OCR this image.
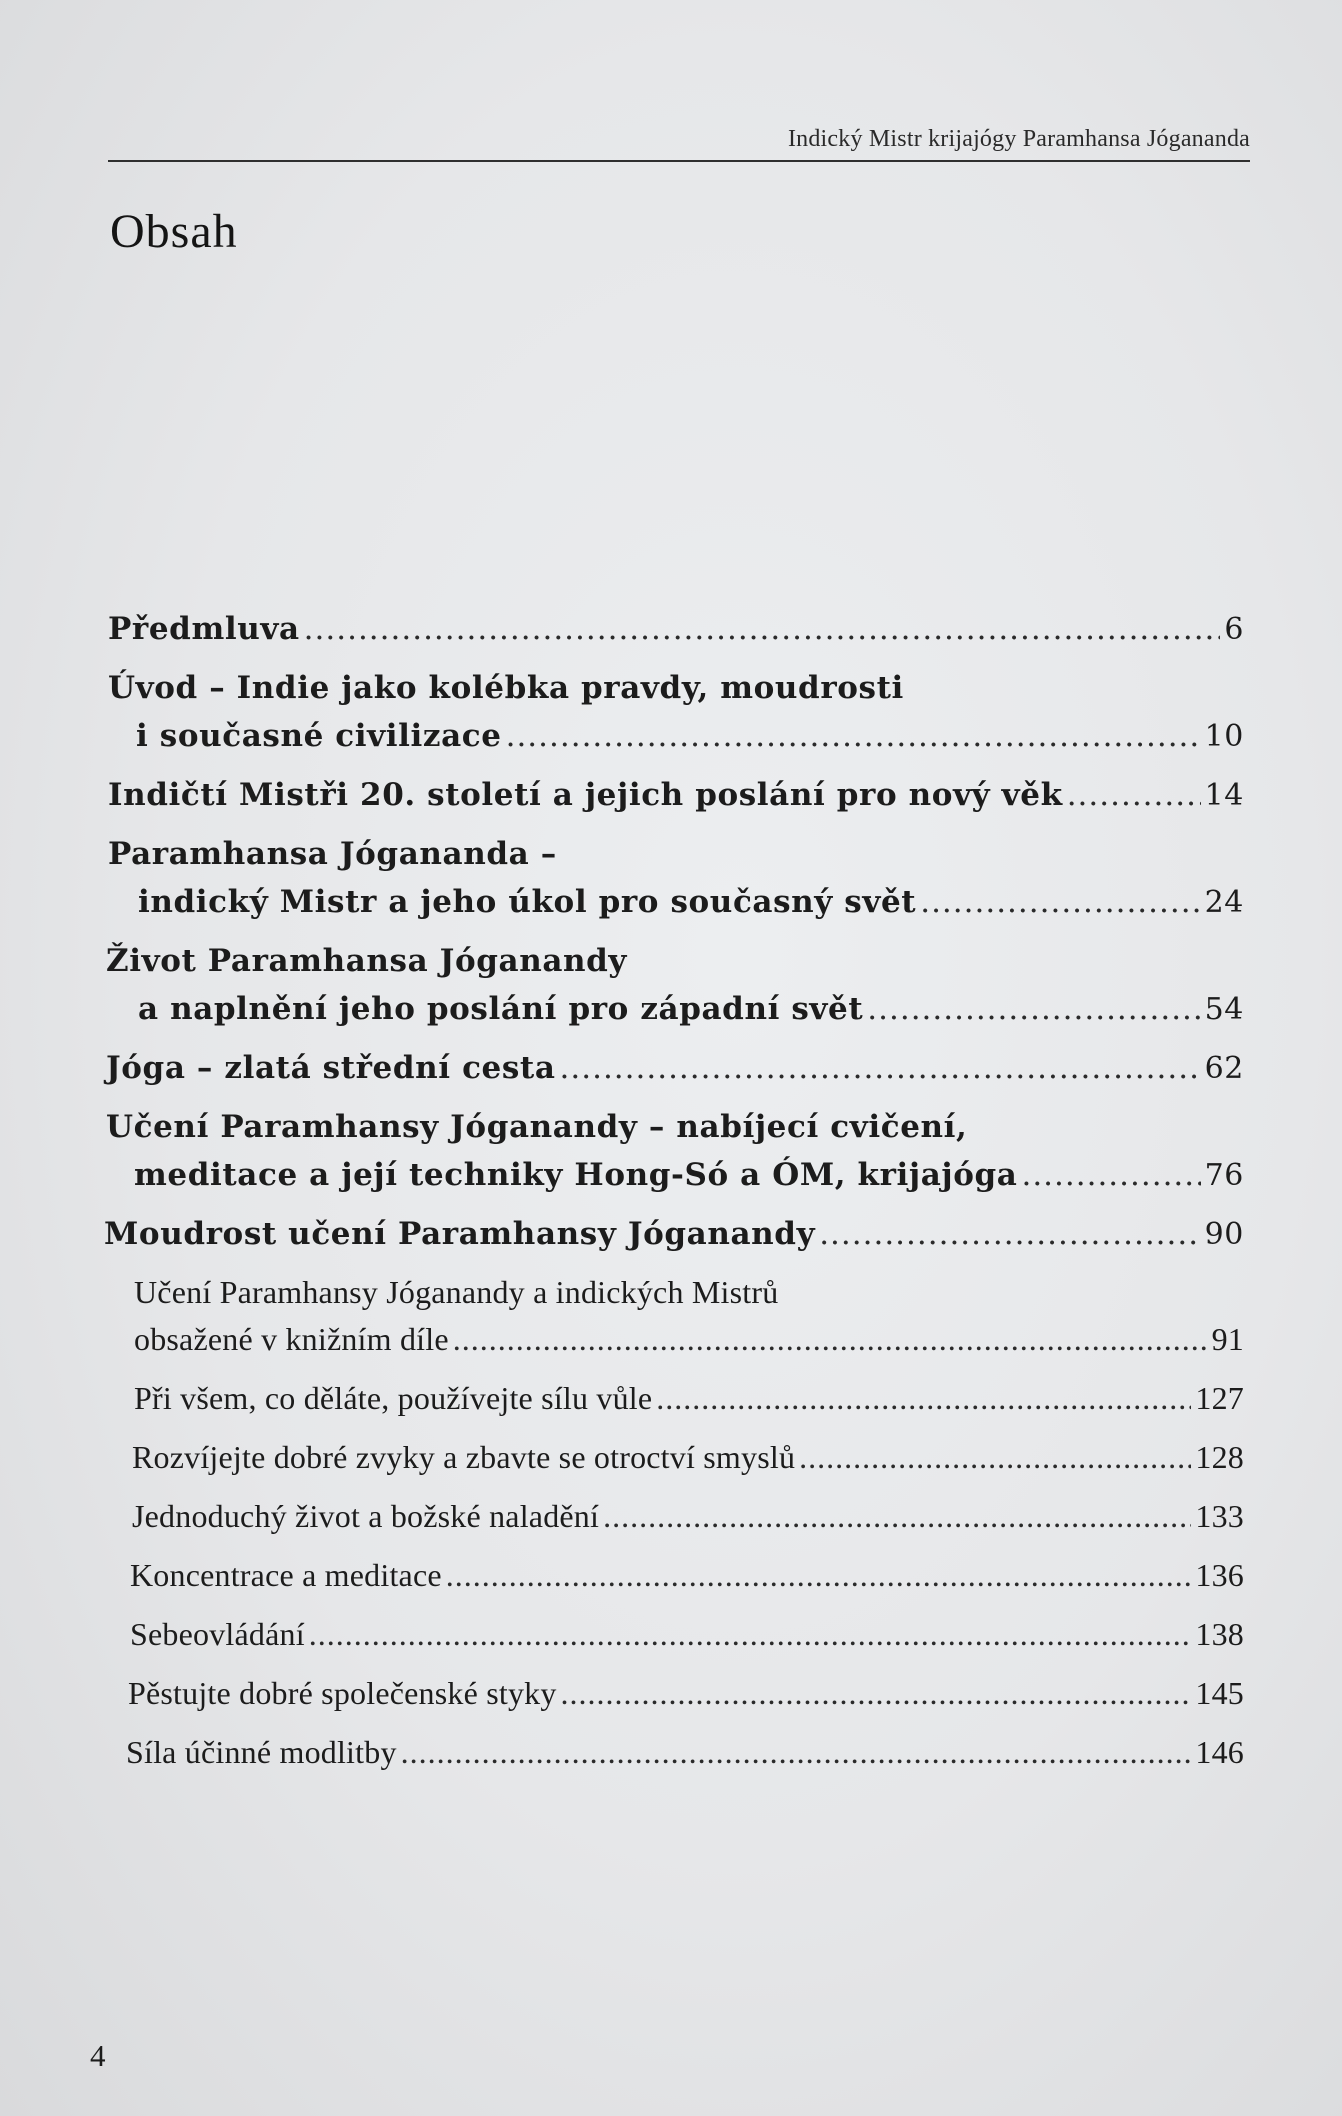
Indický Mistr krijajógy Paramhansa Jógananda
Obsah
Předmluva .....	6
Úvod – Indie jako kolébka pravdy, moudrosti
i současné civilizace .....	10
Indičtí Mistři 20. století a jejich poslání pro nový věk .....	14
Paramhansa Jógananda –
indický Mistr a jeho úkol pro současný svět .....	24
Život Paramhansa Jóganandy
a naplnění jeho poslání pro západní svět .....	54
Jóga – zlatá střední cesta .....	62
Učení Paramhansy Jóganandy – nabíjecí cvičení,
meditace a její techniky Hong-Só a ÓM, krijajóga .....	76
Moudrost učení Paramhansy Jóganandy .....	90
Učení Paramhansy Jóganandy a indických Mistrů
obsažené v knižním díle .....	91
Při všem, co děláte, používejte sílu vůle .....	127
Rozvíjejte dobré zvyky a zbavte se otroctví smyslů .....	128
Jednoduchý život a božské naladění .....	133
Koncentrace a meditace .....	136
Sebeovládání .....	138
Pěstujte dobré společenské styky .....	145
Síla účinné modlitby .....	146
4
